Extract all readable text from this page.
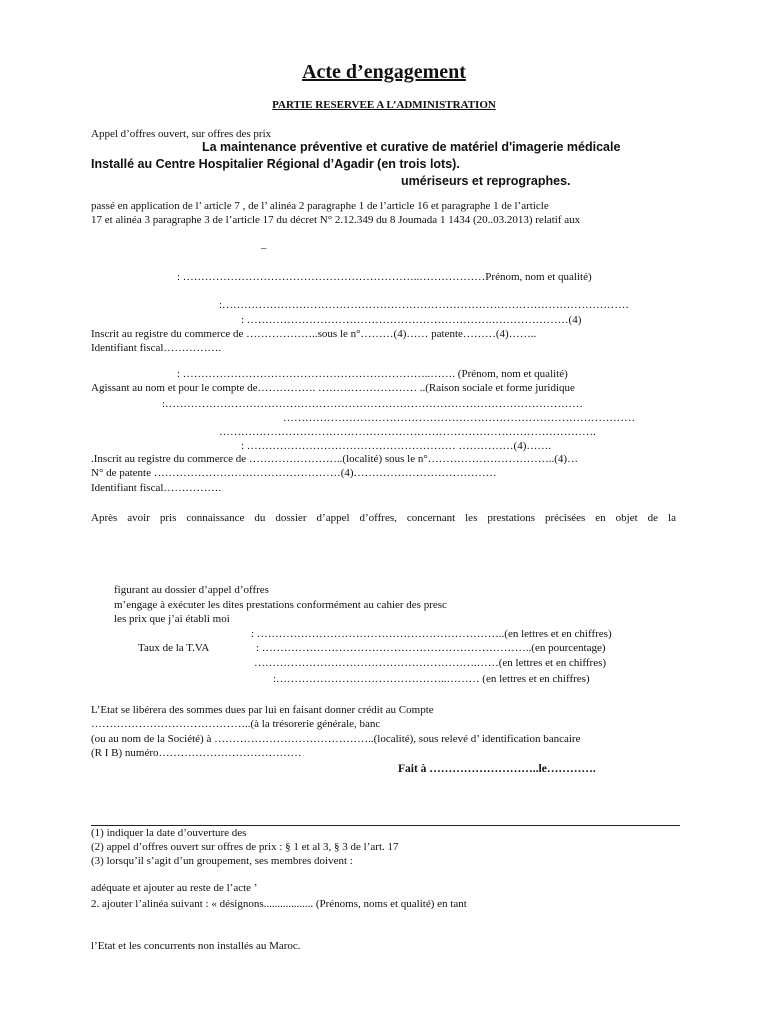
Acte d’engagement
PARTIE RESERVEE A L’ADMINISTRATION
Appel d’offres ouvert, sur offres des prix
La maintenance préventive et curative de matériel d'imagerie médicale
Installé au Centre Hospitalier Régional d’Agadir (en trois lots).
umériseurs et reprographes.
passé en application de l’ article 7 , de l’ alinéa 2 paragraphe 1 de l’article 16 et paragraphe 1 de l’article
17 et alinéa 3 paragraphe 3 de l’article 17 du décret N° 2.12.349 du 8 Joumada 1 1434 (20..03.2013) relatif aux
–
: ………………………………………………………..………………Prénom, nom et qualité)
:…………………………………………………………………………………………………
: ………………………………………………………….…………………(4)
Inscrit au registre du commerce de ………………..sous le n°………(4)…… patente………(4)……..
Identifiant fiscal…………….
: …………………………………………………………..……. (Prénom, nom et qualité)
Agissant au nom et pour le compte de……………. ……………………… ..(Raison sociale et forme juridique
:……………………………………………………………………………………………………
……………………………………………………………………………………
………………………………………………………………………………………….
: ………………………………………………… ……………(4)…….
.Inscrit au registre du commerce de ……………………..(localité) sous le n°……………………………..(4)…
N° de patente ……………………………………………(4)…………………………………
Identifiant fiscal…………….
Après avoir pris connaissance du dossier d’appel d’offres, concernant les prestations précisées en objet de la
figurant au dossier d’appel d’offres
m’engage à exécuter les dites prestations conformément au cahier des presc
les prix que j’ai établi moi
: …………………………………………………………..(en lettres et en chiffres)
Taux de la T.VA	: ………………………………………………………………..(en pourcentage)
…………………………………………………….……(en lettres et en chiffres)
:………………………………………..……… (en lettres et en chiffres)
L’Etat se libérera des sommes dues par lui en faisant donner crédit au Compte
……………………………………..(à la trésorerie générale, banc
(ou au nom de la Société) à ……………………………………..(localité), sous relevé d’ identification bancaire
(R I B) numéro…………………………………
Fait à ………………………..le………….
(1) indiquer la date d’ouverture des
(2) appel d’offres ouvert sur offres de prix : § 1 et al 3, § 3 de l’art. 17
(3) lorsqu’il s’agit d’un groupement, ses membres doivent :
adéquate et ajouter au reste de l’acte ’
2. ajouter l’alinéa suivant : « désignons.................. (Prénoms, noms et qualité) en tant
l’Etat et les concurrents non installés au Maroc.
